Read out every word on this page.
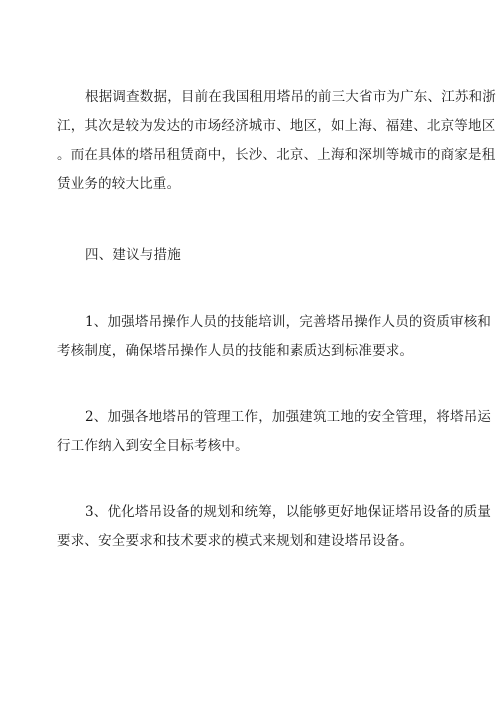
根据调查数据，目前在我国租用塔吊的前三大省市为广东、江苏和浙
江，其次是较为发达的市场经济城市、地区，如上海、福建、北京等地区
。而在具体的塔吊租赁商中，长沙、北京、上海和深圳等城市的商家是租
赁业务的较大比重。
四、建议与措施
1、加强塔吊操作人员的技能培训，完善塔吊操作人员的资质审核和
考核制度，确保塔吊操作人员的技能和素质达到标准要求。
2、加强各地塔吊的管理工作，加强建筑工地的安全管理，将塔吊运
行工作纳入到安全目标考核中。
3、优化塔吊设备的规划和统筹，以能够更好地保证塔吊设备的质量
要求、安全要求和技术要求的模式来规划和建设塔吊设备。
